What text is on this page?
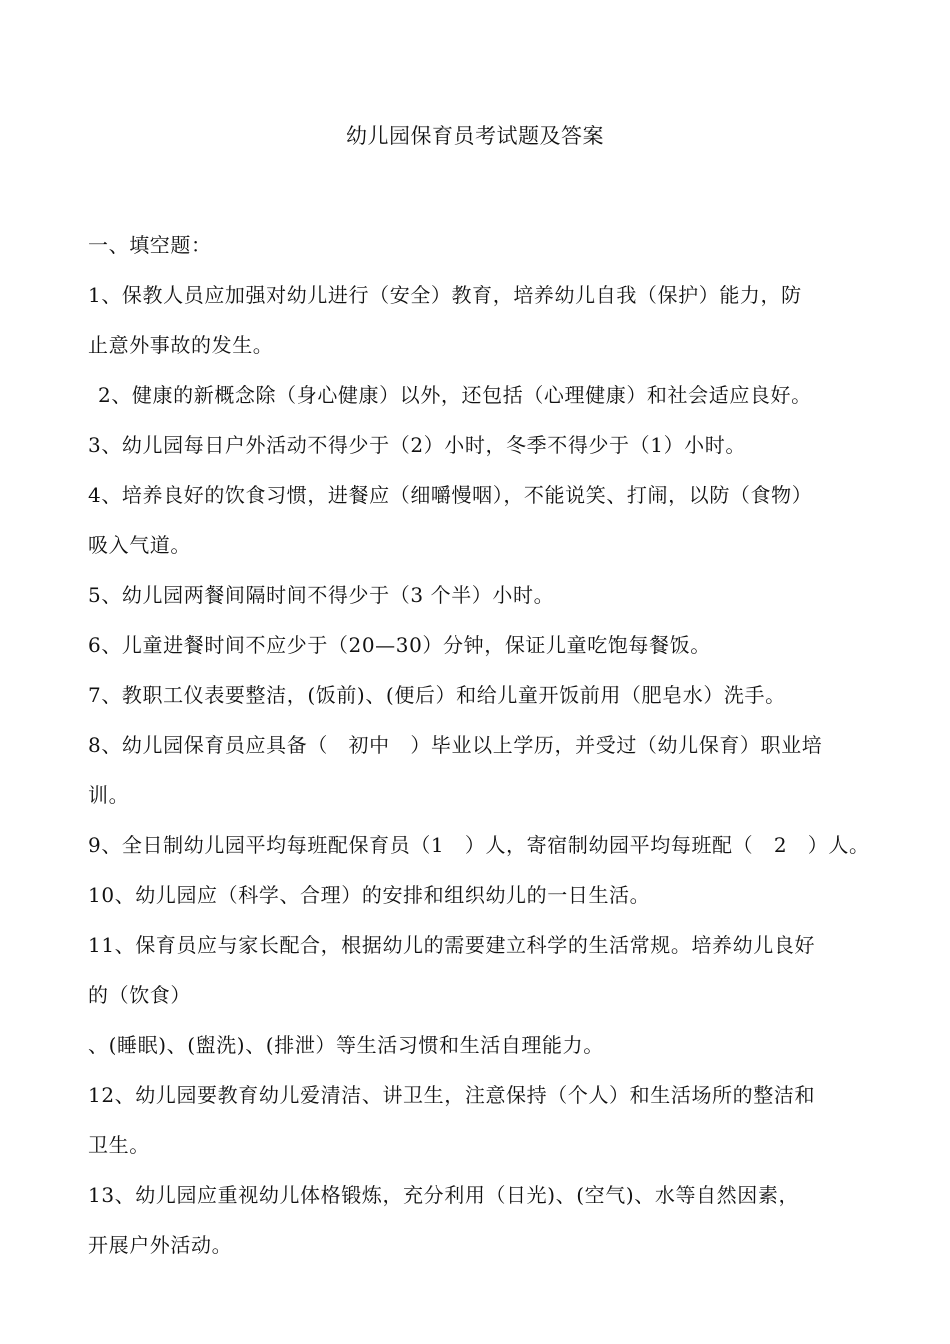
幼儿园保育员考试题及答案
一、填空题：
1、保教人员应加强对幼儿进行（安全）教育，培养幼儿自我（保护）能力，防
止意外事故的发生。
2、健康的新概念除（身心健康）以外，还包括（心理健康）和社会适应良好。
3、幼儿园每日户外活动不得少于（2）小时，冬季不得少于（1）小时。
4、培养良好的饮食习惯，进餐应（细嚼慢咽），不能说笑、打闹，以防（食物）
吸入气道。
5、幼儿园两餐间隔时间不得少于（3 个半）小时。
6、儿童进餐时间不应少于（20—30）分钟，保证儿童吃饱每餐饭。
7、教职工仪表要整洁，(饭前)、(便后）和给儿童开饭前用（肥皂水）洗手。
8、幼儿园保育员应具备（　初中　）毕业以上学历，并受过（幼儿保育）职业培
训。
9、全日制幼儿园平均每班配保育员（1　）人，寄宿制幼园平均每班配（　2　）人。
10、幼儿园应（科学、合理）的安排和组织幼儿的一日生活。
11、保育员应与家长配合，根据幼儿的需要建立科学的生活常规。培养幼儿良好
的（饮食）
、(睡眠)、(盥洗)、(排泄）等生活习惯和生活自理能力。
12、幼儿园要教育幼儿爱清洁、讲卫生，注意保持（个人）和生活场所的整洁和
卫生。
13、幼儿园应重视幼儿体格锻炼，充分利用（日光)、(空气)、水等自然因素，
开展户外活动。
